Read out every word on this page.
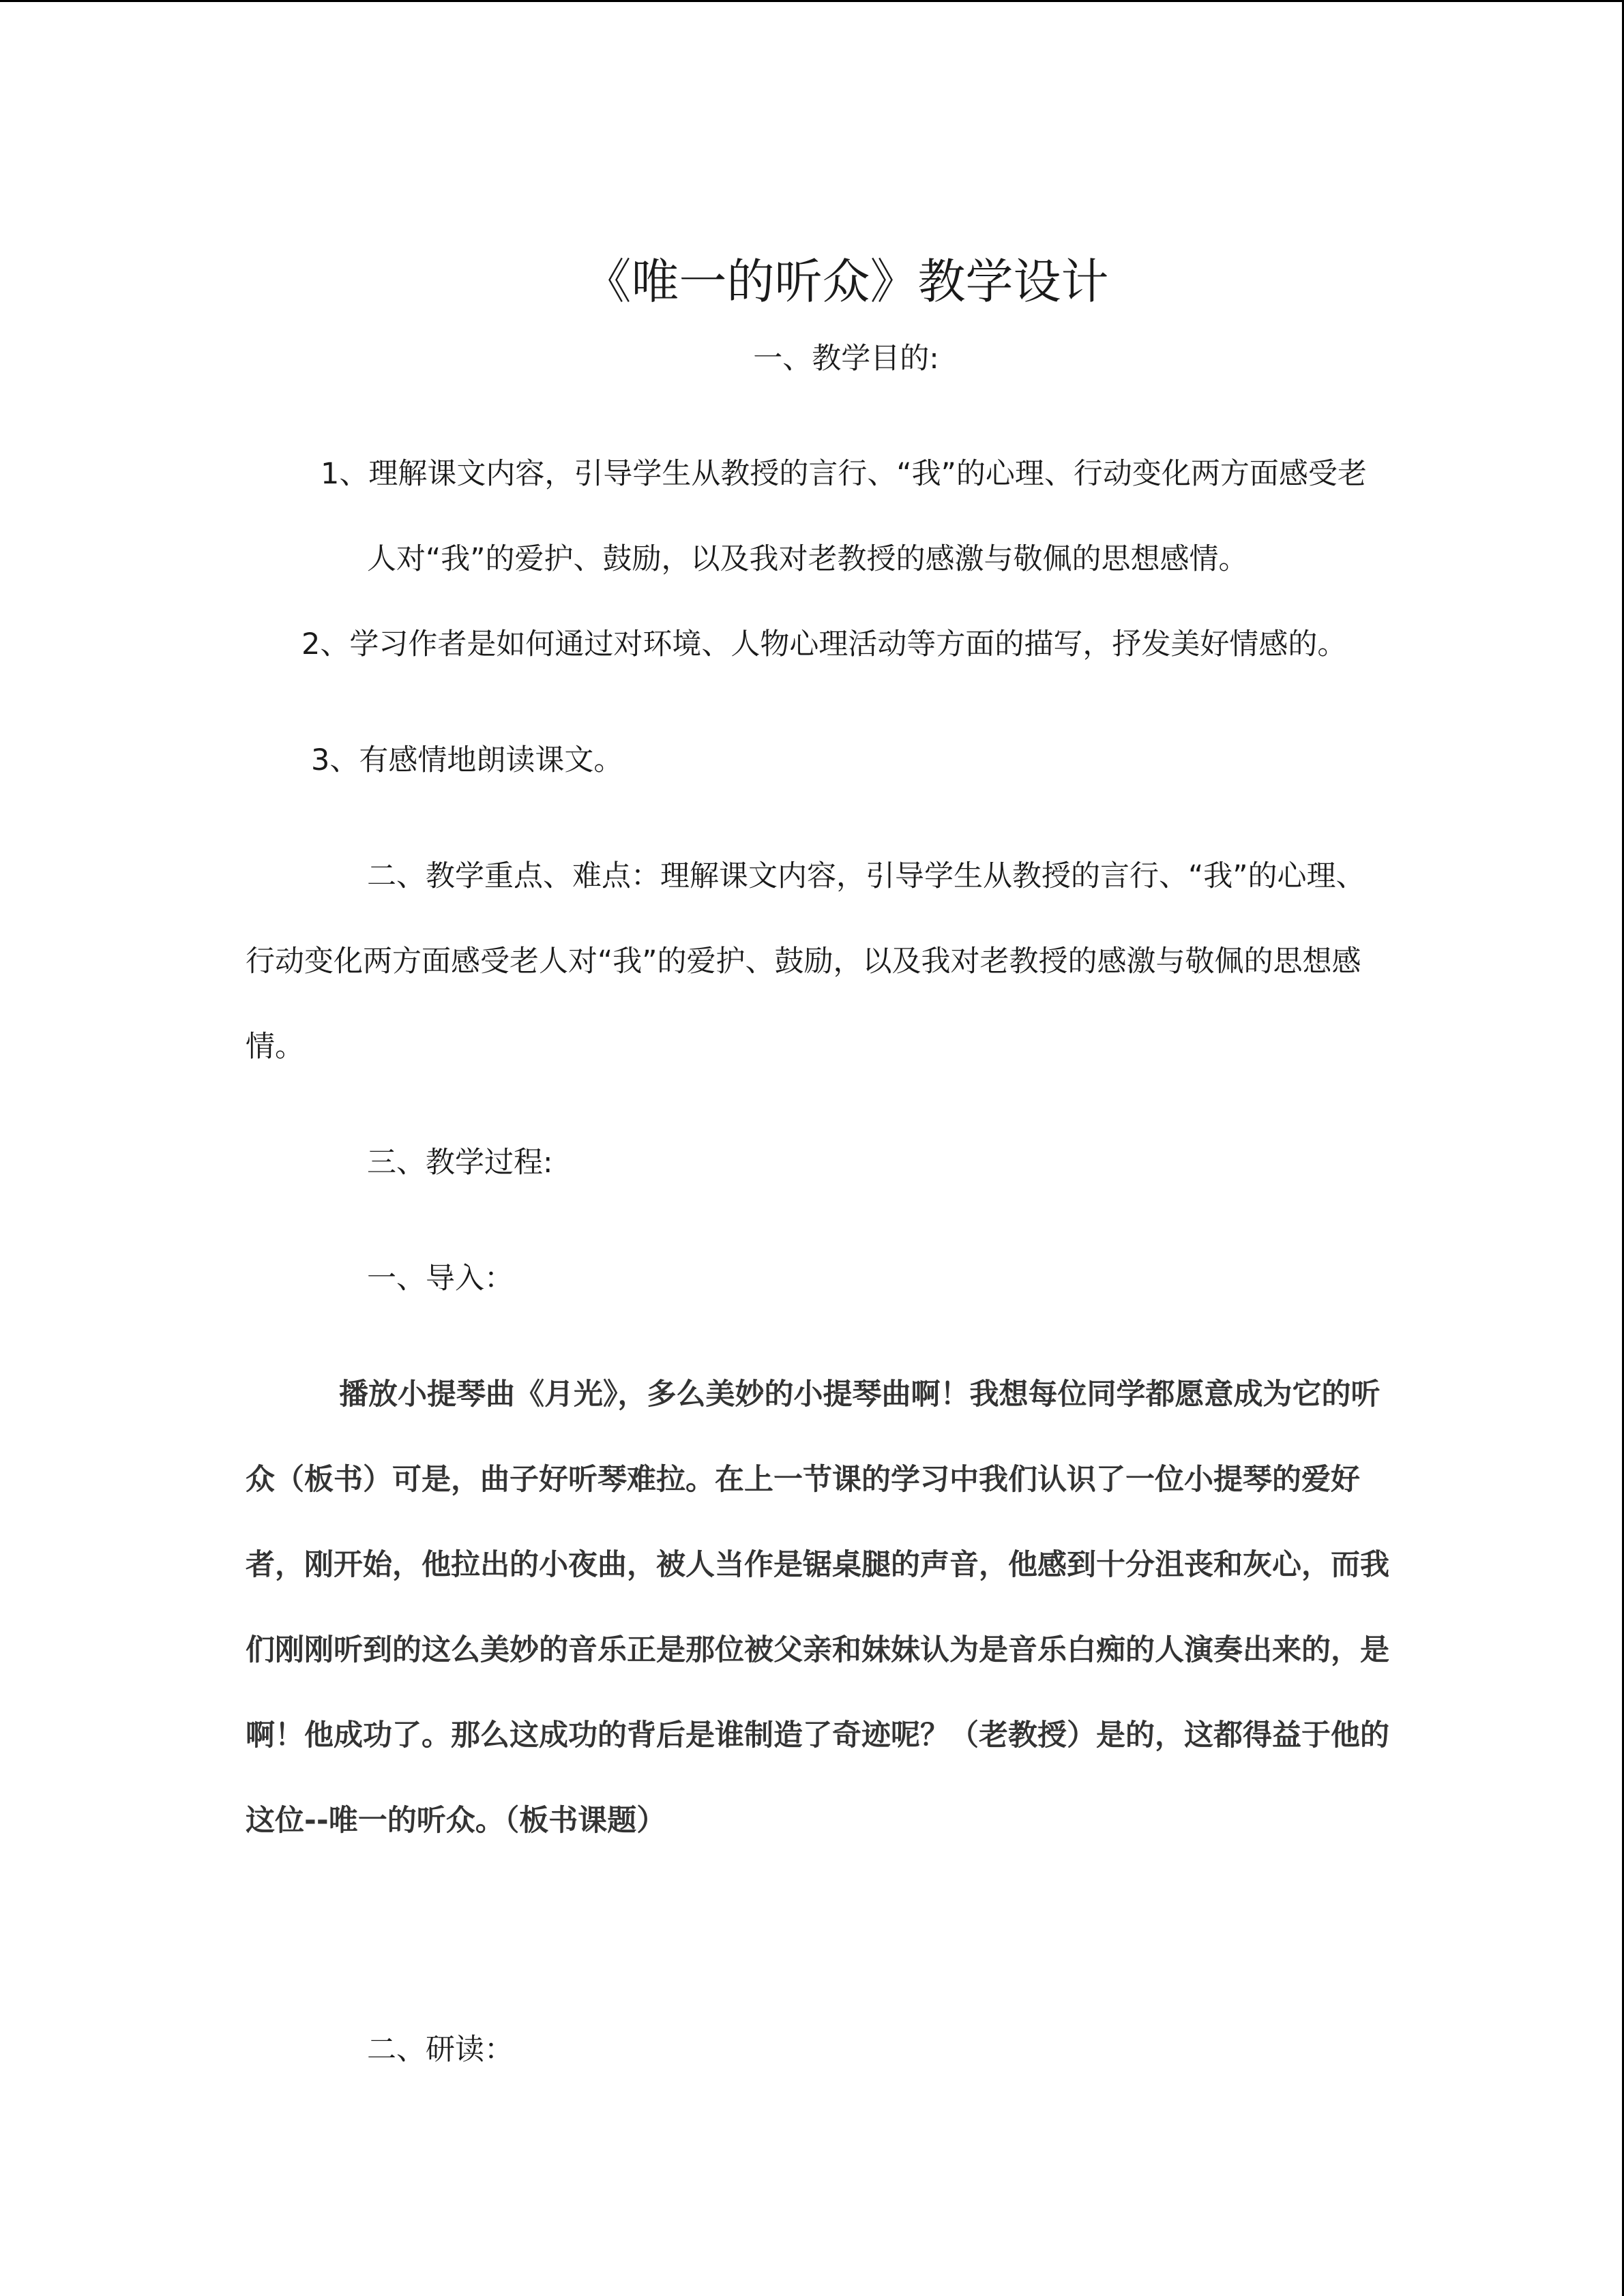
《唯一的听众》教学设计
一、教学目的:
1、理解课文内容，引导学生从教授的言行、“我”的心理、行动变化两方面感受老
人对“我”的爱护、鼓励，以及我对老教授的感激与敬佩的思想感情。
2、学习作者是如何通过对环境、人物心理活动等方面的描写，抒发美好情感的。
3、有感情地朗读课文。
二、教学重点、难点：理解课文内容，引导学生从教授的言行、“我”的心理、
行动变化两方面感受老人对“我”的爱护、鼓励，以及我对老教授的感激与敬佩的思想感
情。
三、教学过程:
一、导入：
播放小提琴曲《月光》，多么美妙的小提琴曲啊！我想每位同学都愿意成为它的听
众（板书）可是，曲子好听琴难拉。在上一节课的学习中我们认识了一位小提琴的爱好
者，刚开始，他拉出的小夜曲，被人当作是锯桌腿的声音，他感到十分沮丧和灰心，而我
们刚刚听到的这么美妙的音乐正是那位被父亲和妹妹认为是音乐白痴的人演奏出来的，是
啊！他成功了。那么这成功的背后是谁制造了奇迹呢？（老教授）是的，这都得益于他的
这位--唯一的听众。（板书课题）
二、研读：
